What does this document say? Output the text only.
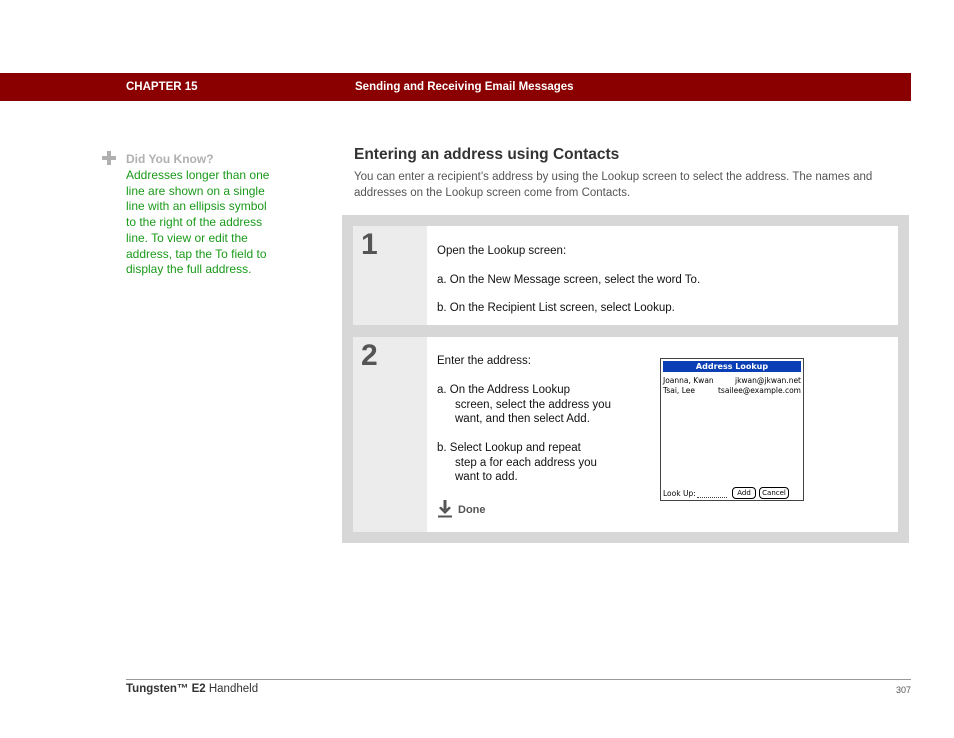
CHAPTER 15	Sending and Receiving Email Messages
Did You Know?
Addresses longer than one line are shown on a single line with an ellipsis symbol to the right of the address line. To view or edit the address, tap the To field to display the full address.
Entering an address using Contacts
You can enter a recipient’s address by using the Lookup screen to select the address. The names and addresses on the Lookup screen come from Contacts.
1	Open the Lookup screen:
a. On the New Message screen, select the word To.
b. On the Recipient List screen, select Lookup.
2	Enter the address:
a. On the Address Lookup
screen, select the address you
want, and then select Add.
b. Select Lookup and repeat
step a for each address you
want to add.
Done
Address Lookup
Joanna, Kwan	jkwan@jkwan.net
Tsai, Lee	tsailee@example.com
Look Up:	Add	Cancel
Tungsten™ E2 Handheld	307
